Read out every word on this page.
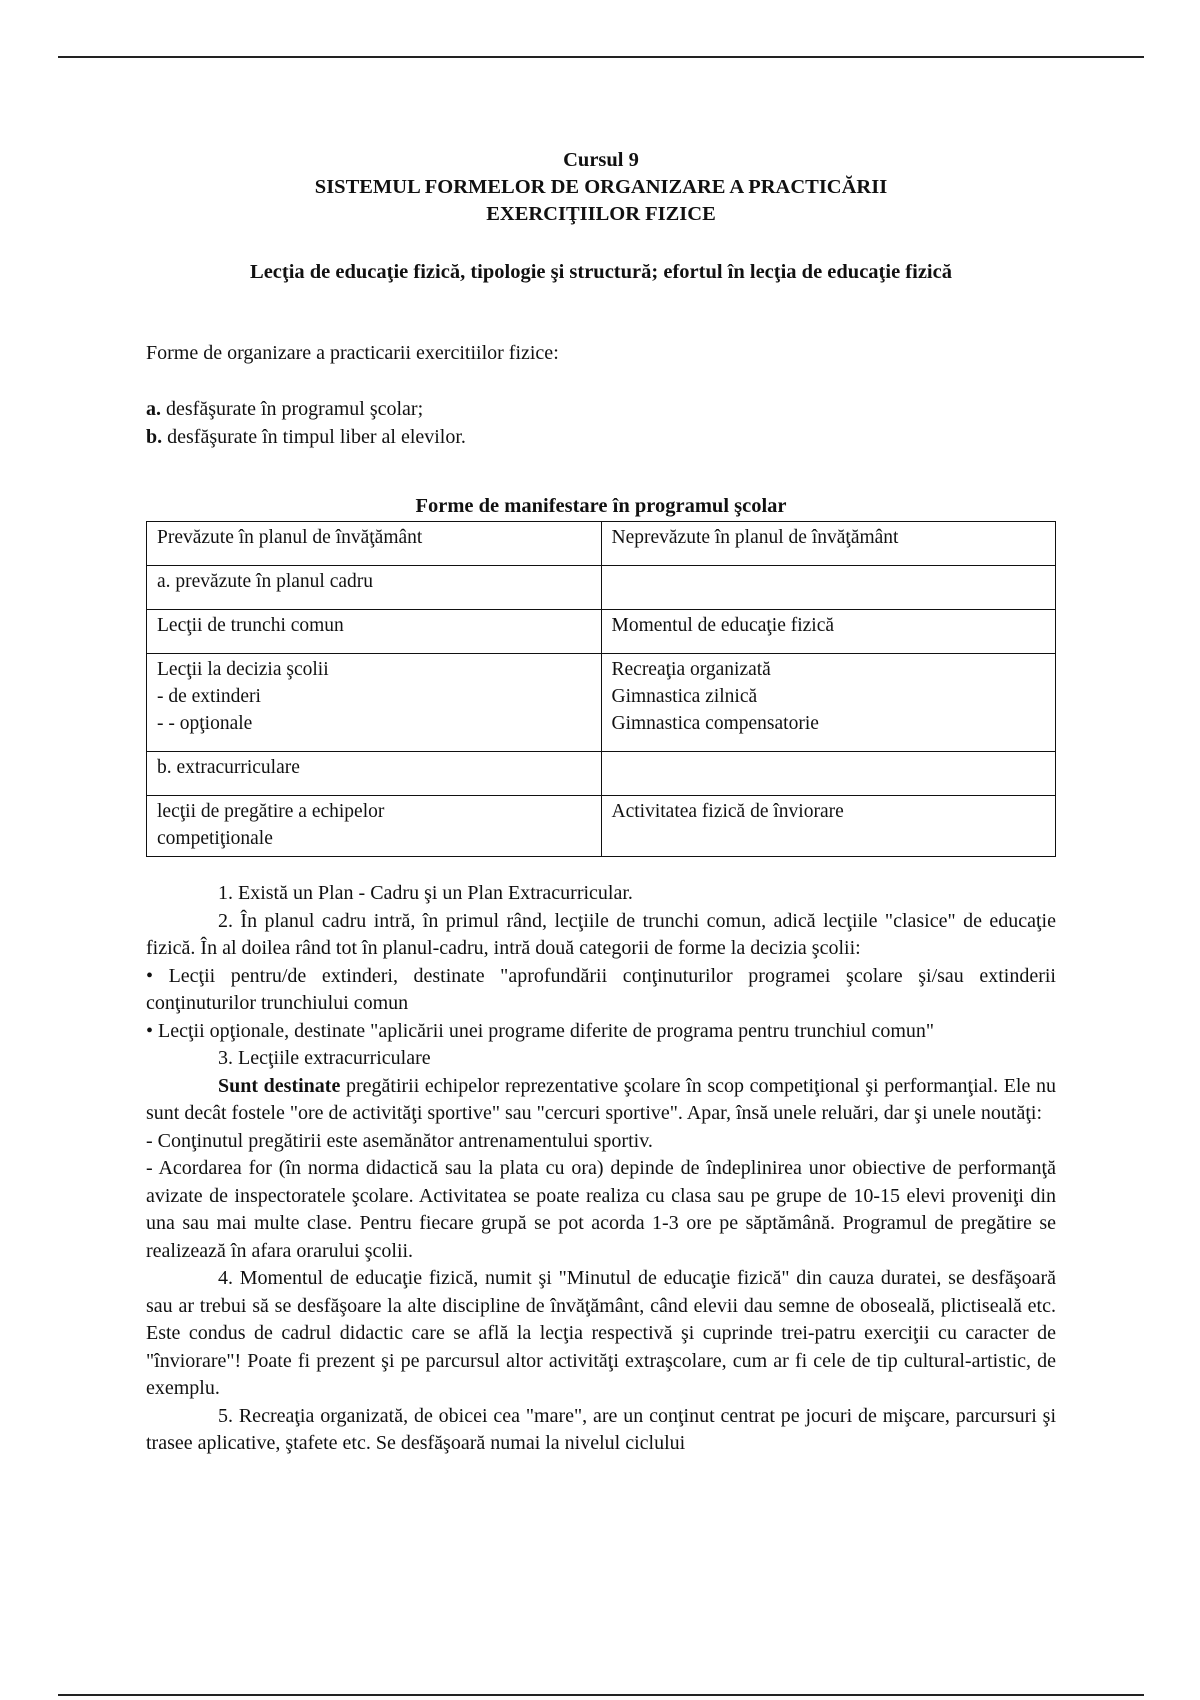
Cursul 9
SISTEMUL FORMELOR DE ORGANIZARE A PRACTICĂRII
EXERCIŢIILOR FIZICE
Lecţia de educaţie fizică, tipologie şi structură; efortul în lecţia de educaţie fizică
Forme de organizare a practicarii exercitiilor fizice:
a. desfăşurate în programul şcolar;
b. desfăşurate în timpul liber al elevilor.
Forme de manifestare în programul şcolar
Prevăzute în planul de învăţământ	Neprevăzute în planul de învăţământ

a. prevăzute în planul cadru	

Lecţii de trunchi comun	Momentul de educaţie fizică

Lecţii la decizia şcolii
- de extinderi
- - opţionale	Recreaţia organizată
Gimnastica zilnică
Gimnastica compensatorie

b. extracurriculare	

lecţii de pregătire a echipelor
competiţionale	Activitatea fizică de înviorare

1. Există un Plan - Cadru şi un Plan Extracurricular.

2. În planul cadru intră, în primul rând, lecţiile de trunchi comun, adică lecţiile "clasice" de educaţie fizică. În al doilea rând tot în planul-cadru, intră două categorii de forme la decizia şcolii:

• Lecţii pentru/de extinderi, destinate "aprofundării conţinuturilor programei şcolare şi/sau extinderii conţinuturilor trunchiului comun

• Lecţii opţionale, destinate "aplicării unei programe diferite de programa pentru trunchiul comun"

3. Lecţiile extracurriculare

Sunt destinate pregătirii echipelor reprezentative şcolare în scop competiţional şi performanţial. Ele nu sunt decât fostele "ore de activităţi sportive" sau "cercuri sportive". Apar, însă unele reluări, dar şi unele noutăţi:

- Conţinutul pregătirii este asemănător antrenamentului sportiv.

- Acordarea for (în norma didactică sau la plata cu ora) depinde de îndeplinirea unor obiective de performanţă avizate de inspectoratele şcolare. Activitatea se poate realiza cu clasa sau pe grupe de 10-15 elevi proveniţi din una sau mai multe clase. Pentru fiecare grupă se pot acorda 1-3 ore pe săptămână. Programul de pregătire se realizează în afara orarului şcolii.

4. Momentul de educaţie fizică, numit şi "Minutul de educaţie fizică" din cauza duratei, se desfăşoară sau ar trebui să se desfăşoare la alte discipline de învăţământ, când elevii dau semne de oboseală, plictiseală etc. Este condus de cadrul didactic care se află la lecţia respectivă şi cuprinde trei-patru exerciţii cu caracter de "înviorare"! Poate fi prezent şi pe parcursul altor activităţi extraşcolare, cum ar fi cele de tip cultural-artistic, de exemplu.

5. Recreaţia organizată, de obicei cea "mare", are un conţinut centrat pe jocuri de mişcare, parcursuri şi trasee aplicative, ştafete etc. Se desfăşoară numai la nivelul ciclului
